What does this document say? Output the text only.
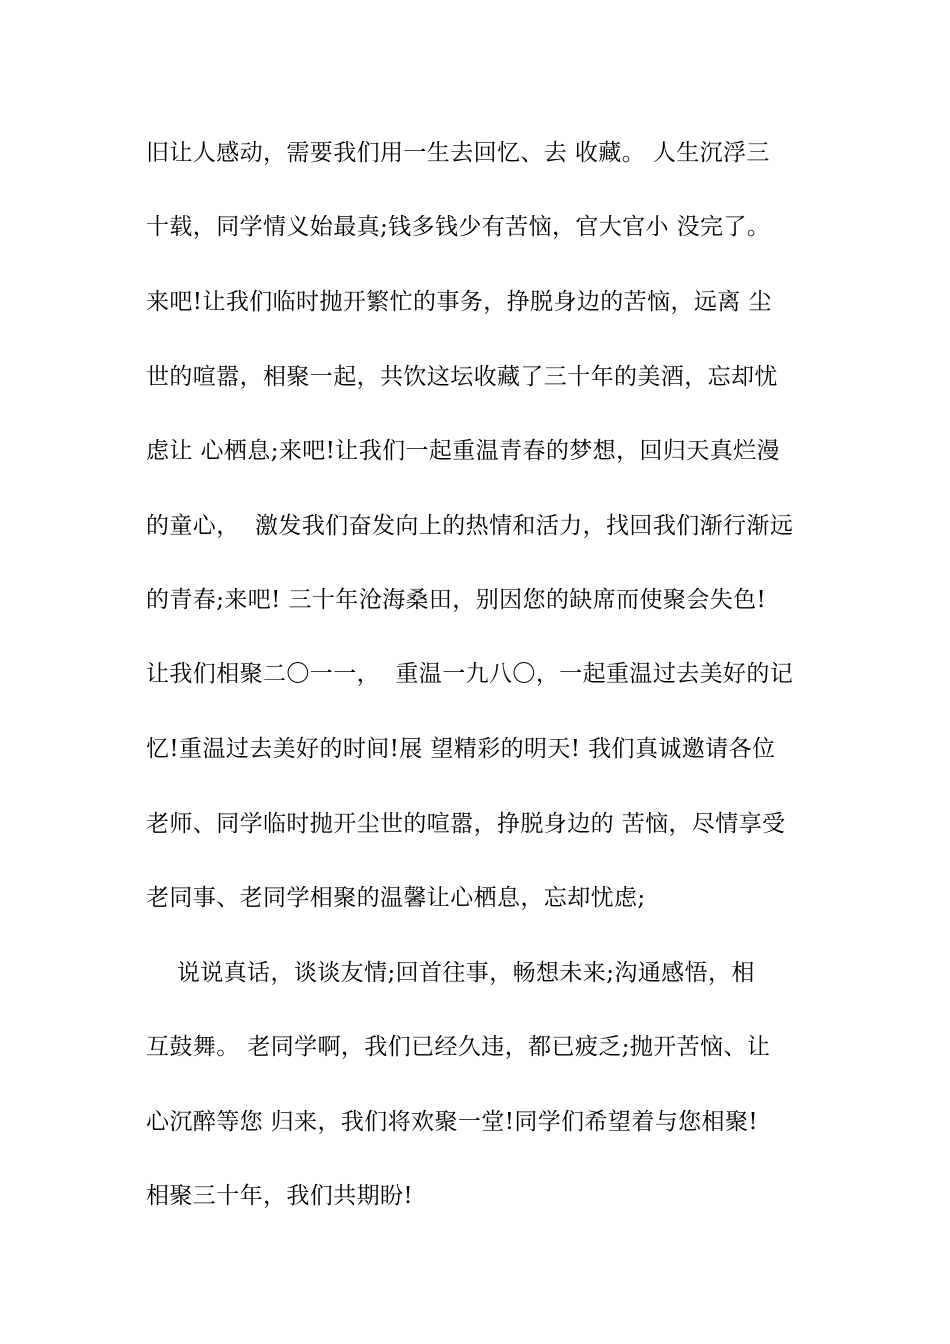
旧让人感动，需要我们用一生去回忆、去 收藏。 人生沉浮三
十载，同学情义始最真;钱多钱少有苦恼，官大官小 没完了。
来吧!让我们临时抛开繁忙的事务，挣脱身边的苦恼，远离 尘
世的喧嚣，相聚一起，共饮这坛收藏了三十年的美酒，忘却忧
虑让 心栖息;来吧!让我们一起重温青春的梦想，回归天真烂漫
的童心，  激发我们奋发向上的热情和活力，找回我们渐行渐远
的青春;来吧! 三十年沧海桑田，别因您的缺席而使聚会失色!
让我们相聚二〇一一，  重温一九八〇，一起重温过去美好的记
忆!重温过去美好的时间!展 望精彩的明天! 我们真诚邀请各位
老师、同学临时抛开尘世的喧嚣，挣脱身边的 苦恼，尽情享受
老同事、老同学相聚的温馨让心栖息，忘却忧虑;
说说真话，谈谈友情;回首往事，畅想未来;沟通感悟，相
互鼓舞。 老同学啊，我们已经久违，都已疲乏;抛开苦恼、让
心沉醉等您 归来，我们将欢聚一堂!同学们希望着与您相聚!
相聚三十年，我们共期盼!
